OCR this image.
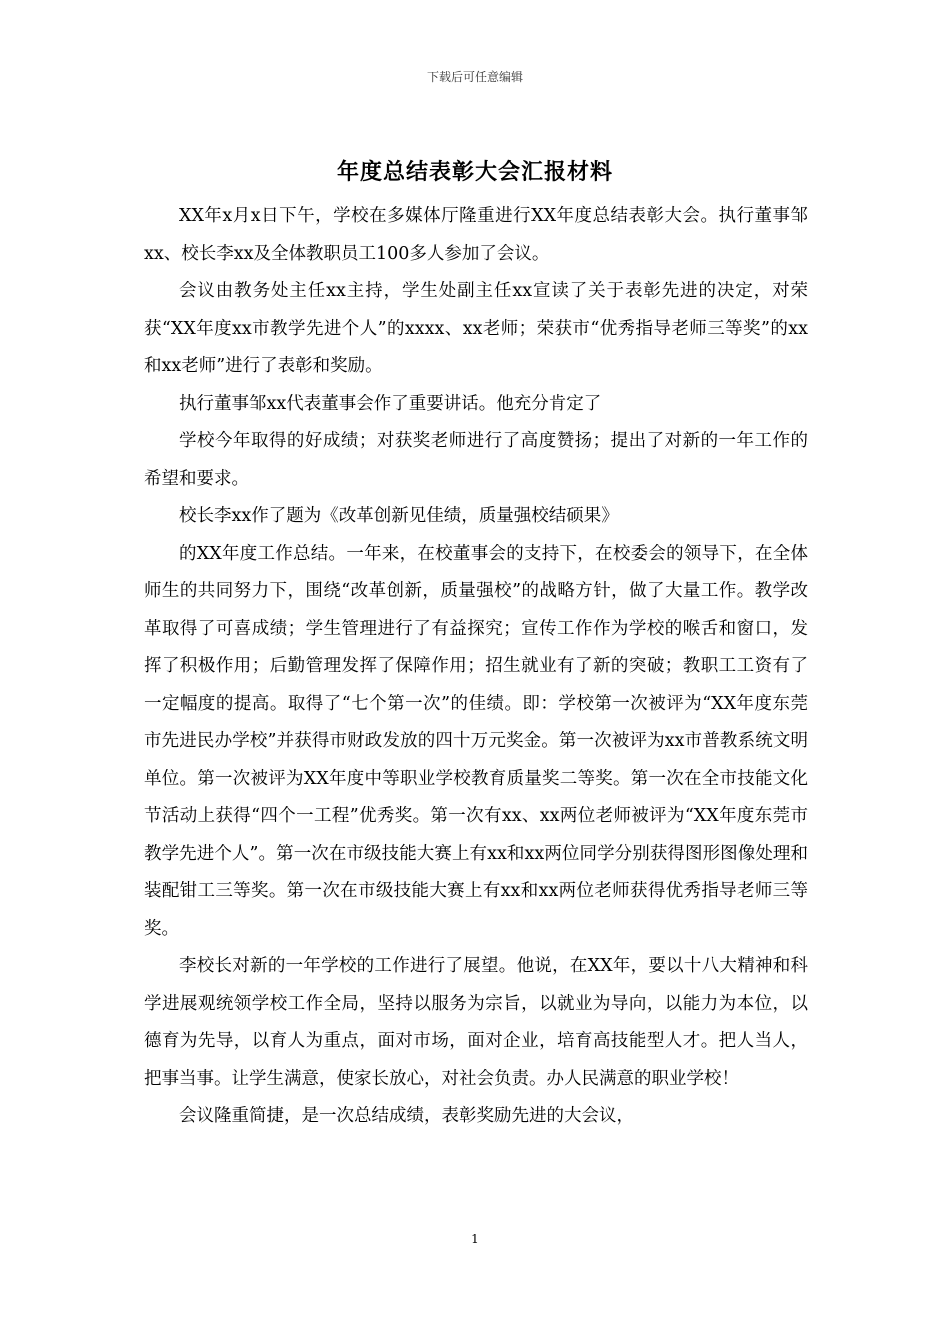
下载后可任意编辑
年度总结表彰大会汇报材料

XX年x月x日下午，学校在多媒体厅隆重进行XX年度总结表彰大会。执行董事邹xx、校长李xx及全体教职员工100多人参加了会议。

会议由教务处主任xx主持，学生处副主任xx宣读了关于表彰先进的决定，对荣获“XX年度xx市教学先进个人”的xxxx、xx老师；荣获市“优秀指导老师三等奖”的xx和xx老师”进行了表彰和奖励。

执行董事邹xx代表董事会作了重要讲话。他充分肯定了

学校今年取得的好成绩；对获奖老师进行了高度赞扬；提出了对新的一年工作的希望和要求。

校长李xx作了题为《改革创新见佳绩，质量强校结硕果》

的XX年度工作总结。一年来，在校董事会的支持下，在校委会的领导下，在全体师生的共同努力下，围绕“改革创新，质量强校”的战略方针，做了大量工作。教学改革取得了可喜成绩；学生管理进行了有益探究；宣传工作作为学校的喉舌和窗口，发挥了积极作用；后勤管理发挥了保障作用；招生就业有了新的突破；教职工工资有了一定幅度的提高。取得了“七个第一次”的佳绩。即：学校第一次被评为“XX年度东莞市先进民办学校”并获得市财政发放的四十万元奖金。第一次被评为xx市普教系统文明单位。第一次被评为XX年度中等职业学校教育质量奖二等奖。第一次在全市技能文化节活动上获得“四个一工程”优秀奖。第一次有xx、xx两位老师被评为“XX年度东莞市教学先进个人”。第一次在市级技能大赛上有xx和xx两位同学分别获得图形图像处理和装配钳工三等奖。第一次在市级技能大赛上有xx和xx两位老师获得优秀指导老师三等奖。

李校长对新的一年学校的工作进行了展望。他说，在XX年，要以十八大精神和科学进展观统领学校工作全局，坚持以服务为宗旨，以就业为导向，以能力为本位，以德育为先导，以育人为重点，面对市场，面对企业，培育高技能型人才。把人当人，把事当事。让学生满意，使家长放心，对社会负责。办人民满意的职业学校！

会议隆重简捷，是一次总结成绩，表彰奖励先进的大会议，

1
